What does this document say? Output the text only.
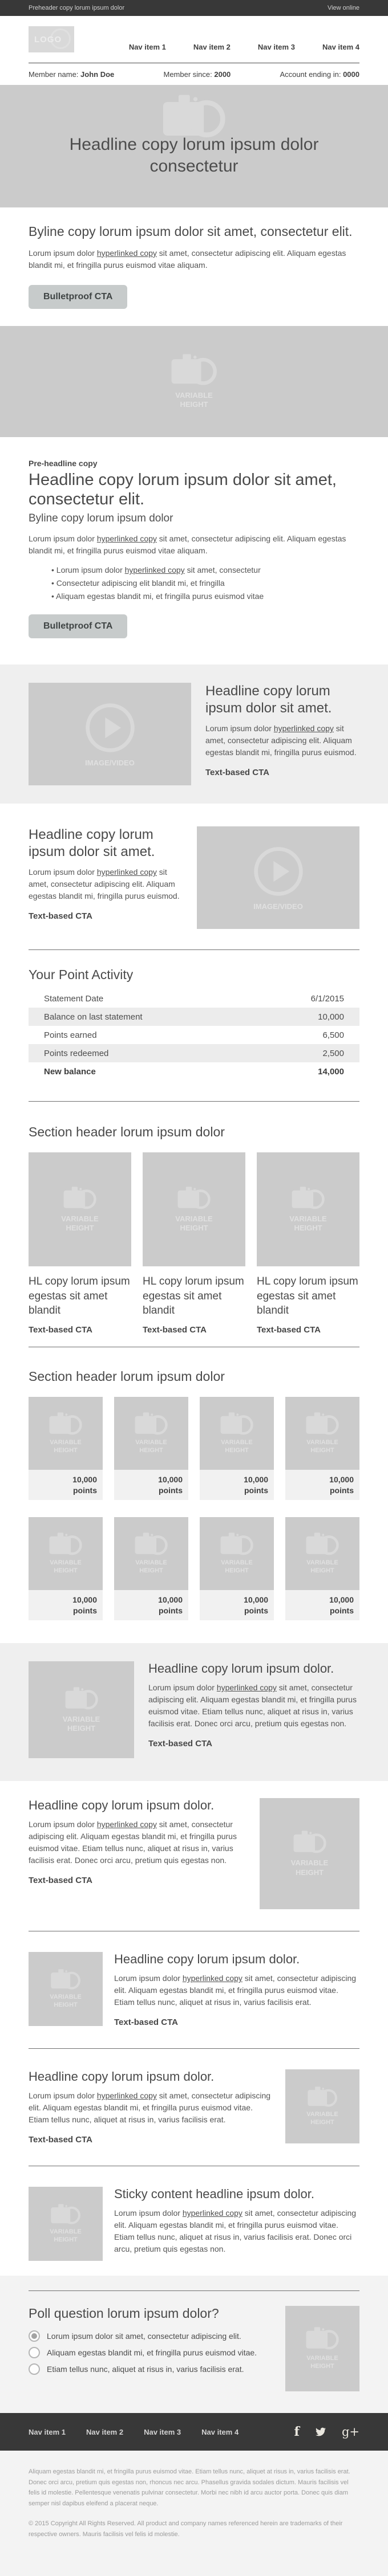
Preheader copy lorum ipsum dolor	View online
LOGO
Nav item 1	Nav item 2	Nav item 3	Nav item 4
Member name: John Doe	Member since: 2000	Account ending in: 0000
Headline copy lorum ipsum dolor consectetur
Byline copy lorum ipsum dolor sit amet, consectetur elit.

Lorum ipsum dolor hyperlinked copy sit amet, consectetur adipiscing elit. Aliquam egestas blandit mi, et fringilla purus euismod vitae aliquam.

Bulletproof CTA
VARIABLE HEIGHT
Pre-headline copy
Headline copy lorum ipsum dolor sit amet, consectetur elit.
Byline copy lorum ipsum dolor

Lorum ipsum dolor hyperlinked copy sit amet, consectetur adipiscing elit. Aliquam egestas blandit mi, et fringilla purus euismod vitae aliquam.

• Lorum ipsum dolor hyperlinked copy sit amet, consectetur
• Consectetur adipiscing elit blandit mi, et fringilla
• Aliquam egestas blandit mi, et fringilla purus euismod vitae
Bulletproof CTA
IMAGE/VIDEO
Headline copy lorum ipsum dolor sit amet.

Lorum ipsum dolor hyperlinked copy sit amet, consectetur adipiscing elit. Aliquam egestas blandit mi, fringilla purus euismod.

Text-based CTA
Headline copy lorum ipsum dolor sit amet.

Lorum ipsum dolor hyperlinked copy sit amet, consectetur adipiscing elit. Aliquam egestas blandit mi, fringilla purus euismod.

Text-based CTA
IMAGE/VIDEO
Your Point Activity
Statement Date	6/1/2015
Balance on last statement	10,000
Points earned	6,500
Points redeemed	2,500
New balance	14,000
Section header lorum ipsum dolor
VARIABLE HEIGHT
HL copy lorum ipsum egestas sit amet blandit
Text-based CTA
VARIABLE HEIGHT
HL copy lorum ipsum egestas sit amet blandit
Text-based CTA
VARIABLE HEIGHT
HL copy lorum ipsum egestas sit amet blandit
Text-based CTA
Section header lorum ipsum dolor
VARIABLE HEIGHT
10,000
points
VARIABLE HEIGHT
10,000
points
VARIABLE HEIGHT
10,000
points
VARIABLE HEIGHT
10,000
points
VARIABLE HEIGHT
10,000
points
VARIABLE HEIGHT
10,000
points
VARIABLE HEIGHT
10,000
points
VARIABLE HEIGHT
10,000
points
VARIABLE HEIGHT
Headline copy lorum ipsum dolor.

Lorum ipsum dolor hyperlinked copy sit amet, consectetur adipiscing elit. Aliquam egestas blandit mi, et fringilla purus euismod vitae. Etiam tellus nunc, aliquet at risus in, varius facilisis erat. Donec orci arcu, pretium quis egestas non.

Text-based CTA
Headline copy lorum ipsum dolor.

Lorum ipsum dolor hyperlinked copy sit amet, consectetur adipiscing elit. Aliquam egestas blandit mi, et fringilla purus euismod vitae. Etiam tellus nunc, aliquet at risus in, varius facilisis erat. Donec orci arcu, pretium quis egestas non.

Text-based CTA
VARIABLE HEIGHT
VARIABLE HEIGHT
Headline copy lorum ipsum dolor.

Lorum ipsum dolor hyperlinked copy sit amet, consectetur adipiscing elit. Aliquam egestas blandit mi, et fringilla purus euismod vitae. Etiam tellus nunc, aliquet at risus in, varius facilisis erat.

Text-based CTA
Headline copy lorum ipsum dolor.

Lorum ipsum dolor hyperlinked copy sit amet, consectetur adipiscing elit. Aliquam egestas blandit mi, et fringilla purus euismod vitae. Etiam tellus nunc, aliquet at risus in, varius facilisis erat.

Text-based CTA
VARIABLE HEIGHT
VARIABLE HEIGHT
Sticky content headline ipsum dolor.

Lorum ipsum dolor hyperlinked copy sit amet, consectetur adipiscing elit. Aliquam egestas blandit mi, et fringilla purus euismod vitae. Etiam tellus nunc, aliquet at risus in, varius facilisis erat. Donec orci arcu, pretium quis egestas non.

Poll question lorum ipsum dolor?
Lorum ipsum dolor sit amet, consectetur adipiscing elit.
Aliquam egestas blandit mi, et fringilla purus euismod vitae.
Etiam tellus nunc, aliquet at risus in, varius facilisis erat.
VARIABLE HEIGHT
Nav item 1	Nav item 2	Nav item 3	Nav item 4	f	g+

Aliquam egestas blandit mi, et fringilla purus euismod vitae. Etiam tellus nunc, aliquet at risus in, varius facilisis erat. Donec orci arcu, pretium quis egestas non, rhoncus nec arcu. Phasellus gravida sodales dictum. Mauris facilisis vel felis id molestie. Pellentesque venenatis pulvinar consectetur. Morbi nec nibh id arcu auctor porta. Donec quis diam semper nisl dapibus eleifend a placerat neque.

© 2015 Copyright All Rights Reserved. All product and company names referenced herein are trademarks of their respective owners. Mauris facilisis vel felis id molestie.
